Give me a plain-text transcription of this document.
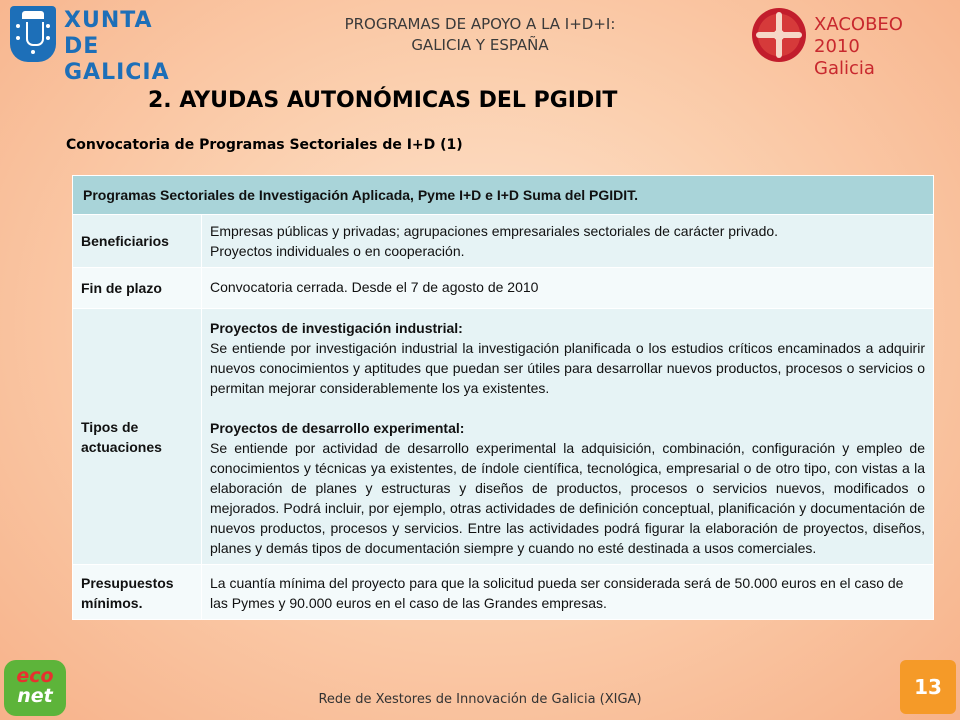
XUNTA
DE GALICIA
PROGRAMAS DE APOYO A LA I+D+I:
GALICIA Y ESPAÑA
XACOBEO 2010
Galicia
2. AYUDAS AUTONÓMICAS DEL PGIDIT
Convocatoria de Programas Sectoriales de I+D (1)
Programas Sectoriales de Investigación Aplicada, Pyme I+D e I+D Suma del PGIDIT.	
Beneficiarios	Empresas públicas y privadas; agrupaciones empresariales sectoriales de carácter privado.
Proyectos individuales o en cooperación.

Fin de plazo	Convocatoria cerrada. Desde el 7 de agosto de 2010
Tipos de actuaciones	Proyectos de investigación industrial:
Se entiende por investigación industrial la investigación planificada o los estudios críticos encaminados a adquirir nuevos conocimientos y aptitudes que puedan ser útiles para desarrollar nuevos productos, procesos o servicios o permitan mejorar considerablemente los ya existentes.
Proyectos de desarrollo experimental:
Se entiende por actividad de desarrollo experimental la adquisición, combinación, configuración y empleo de conocimientos y técnicas ya existentes, de índole científica, tecnológica, empresarial o de otro tipo, con vistas a la elaboración de planes y estructuras y diseños de productos, procesos o servicios nuevos, modificados o mejorados. Podrá incluir, por ejemplo, otras actividades de definición conceptual, planificación y documentación de nuevos productos, procesos y servicios. Entre las actividades podrá figurar la elaboración de proyectos, diseños, planes y demás tipos de documentación siempre y cuando no esté destinada a usos comerciales.

Presupuestos mínimos.	La cuantía mínima del proyecto para que la solicitud pueda ser considerada será de 50.000 euros en el caso de las Pymes y 90.000 euros en el caso de las Grandes empresas.
eco
net	Rede de Xestores de Innovación de Galicia (XIGA)
13
